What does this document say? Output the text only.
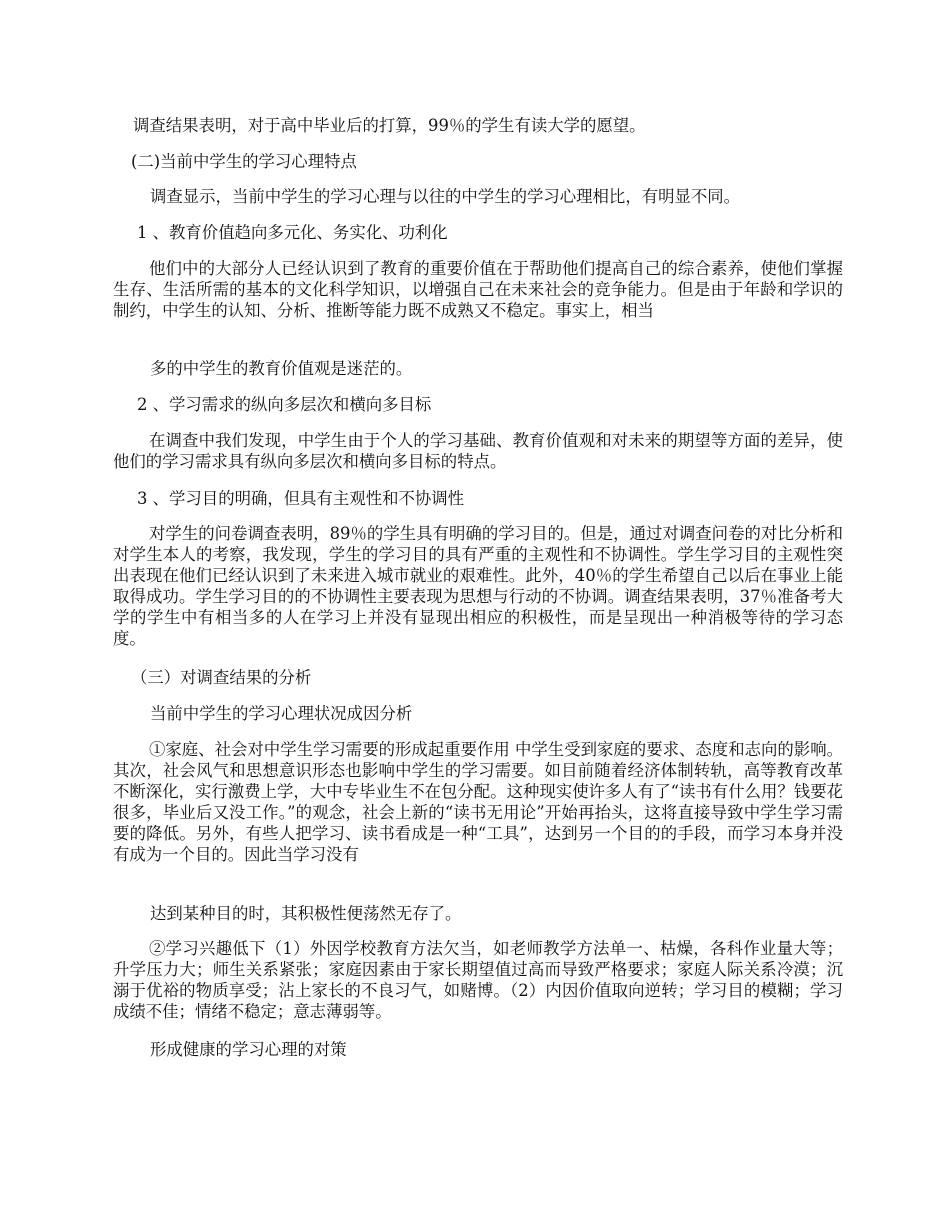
调查结果表明，对于高中毕业后的打算，99％的学生有读大学的愿望。

(二)当前中学生的学习心理特点

调查显示，当前中学生的学习心理与以往的中学生的学习心理相比，有明显不同。

1 、教育价值趋向多元化、务实化、功利化

他们中的大部分人已经认识到了教育的重要价值在于帮助他们提高自己的综合素养，使他们掌握生存、生活所需的基本的文化科学知识，以增强自己在未来社会的竞争能力。但是由于年龄和学识的制约，中学生的认知、分析、推断等能力既不成熟又不稳定。事实上，相当

多的中学生的教育价值观是迷茫的。

2 、学习需求的纵向多层次和横向多目标

在调查中我们发现，中学生由于个人的学习基础、教育价值观和对未来的期望等方面的差异，使他们的学习需求具有纵向多层次和横向多目标的特点。

3 、学习目的明确，但具有主观性和不协调性

对学生的问卷调查表明，89％的学生具有明确的学习目的。但是，通过对调查问卷的对比分析和对学生本人的考察，我发现，学生的学习目的具有严重的主观性和不协调性。学生学习目的主观性突出表现在他们已经认识到了未来进入城市就业的艰难性。此外，40％的学生希望自己以后在事业上能取得成功。学生学习目的的不协调性主要表现为思想与行动的不协调。调查结果表明，37％准备考大学的学生中有相当多的人在学习上并没有显现出相应的积极性，而是呈现出一种消极等待的学习态度。

（三）对调查结果的分析

当前中学生的学习心理状况成因分析

①家庭、社会对中学生学习需要的形成起重要作用 中学生受到家庭的要求、态度和志向的影响。其次，社会风气和思想意识形态也影响中学生的学习需要。如目前随着经济体制转轨，高等教育改革不断深化，实行激费上学，大中专毕业生不在包分配。这种现实使许多人有了“读书有什么用？钱要花很多，毕业后又没工作。”的观念，社会上新的“读书无用论”开始再抬头，这将直接导致中学生学习需要的降低。另外，有些人把学习、读书看成是一种“工具”，达到另一个目的的手段，而学习本身并没有成为一个目的。因此当学习没有

达到某种目的时，其积极性便荡然无存了。

②学习兴趣低下（1）外因学校教育方法欠当，如老师教学方法单一、枯燥，各科作业量大等；升学压力大；师生关系紧张；家庭因素由于家长期望值过高而导致严格要求；家庭人际关系冷漠；沉溺于优裕的物质享受；沾上家长的不良习气，如赌博。（2）内因价值取向逆转；学习目的模糊；学习成绩不佳；情绪不稳定；意志薄弱等。

形成健康的学习心理的对策
